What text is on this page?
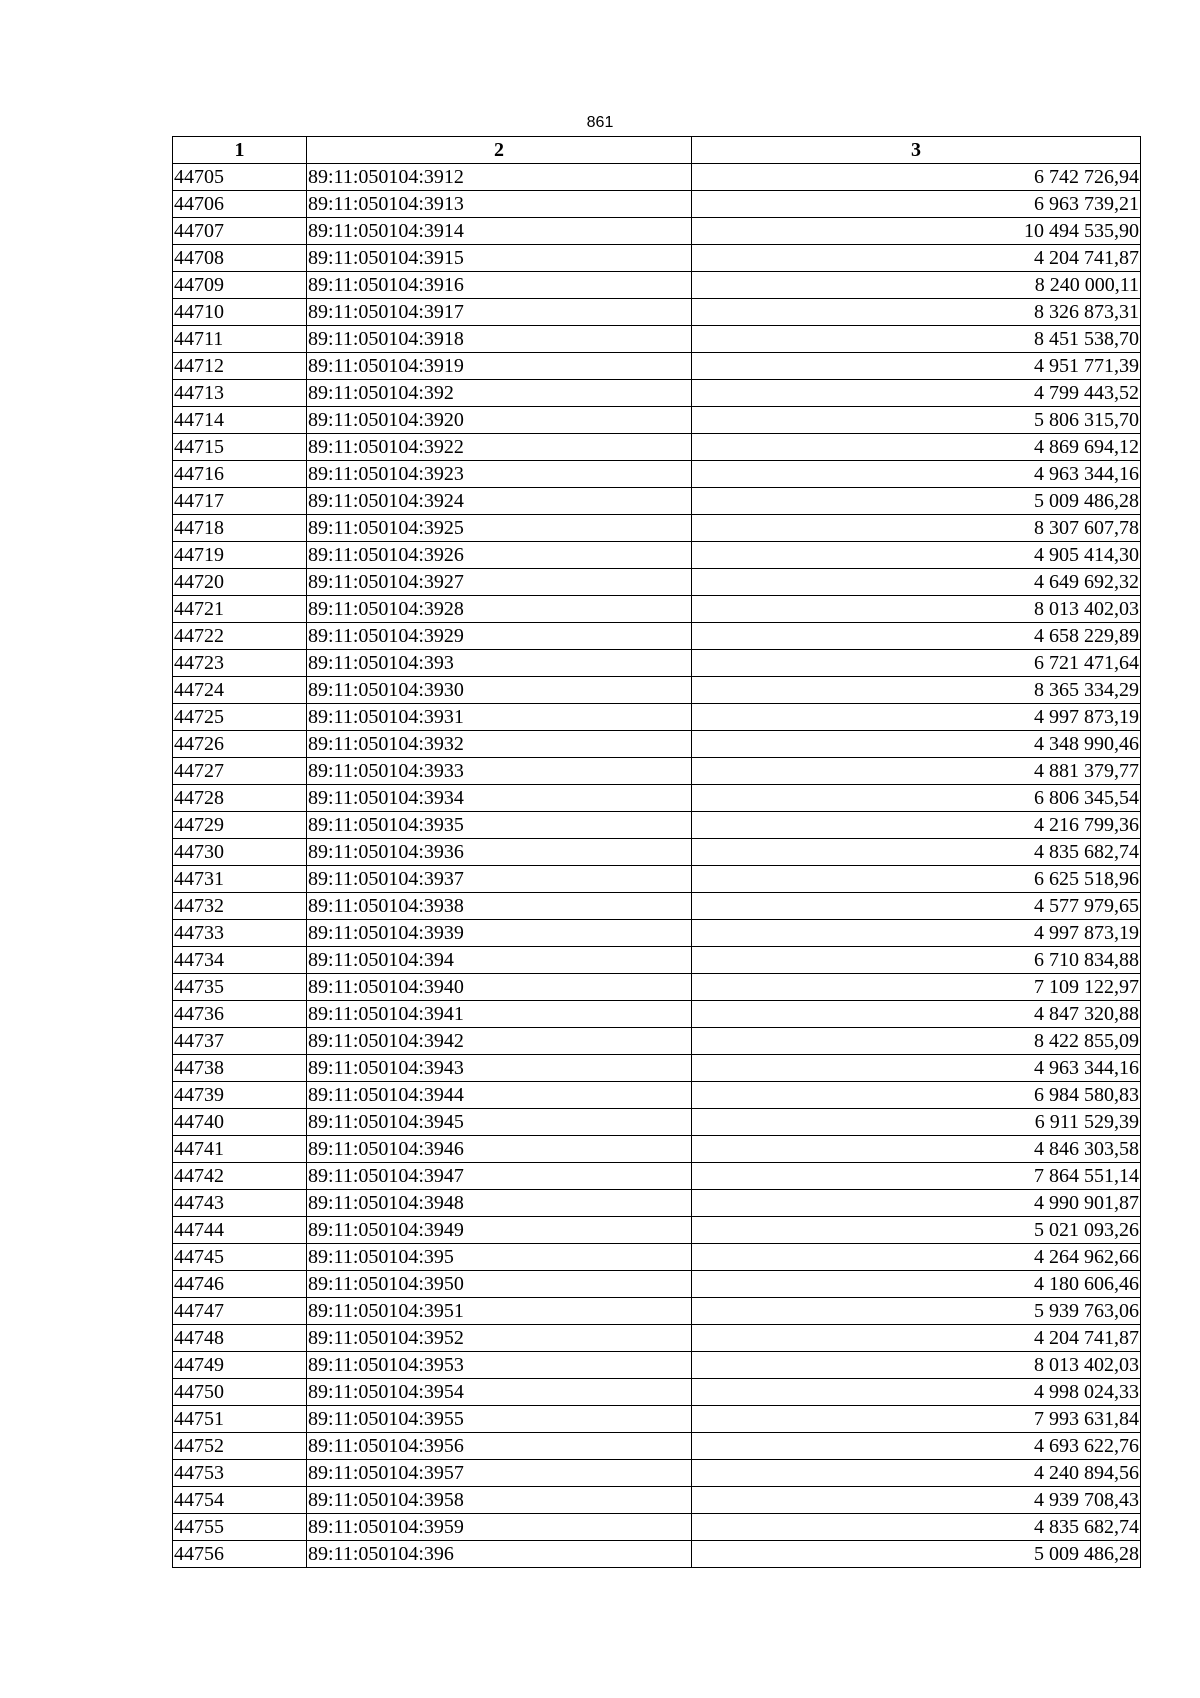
861
1	2	3
44705	89:11:050104:3912	6 742 726,94
44706	89:11:050104:3913	6 963 739,21
44707	89:11:050104:3914	10 494 535,90
44708	89:11:050104:3915	4 204 741,87
44709	89:11:050104:3916	8 240 000,11
44710	89:11:050104:3917	8 326 873,31
44711	89:11:050104:3918	8 451 538,70
44712	89:11:050104:3919	4 951 771,39
44713	89:11:050104:392	4 799 443,52
44714	89:11:050104:3920	5 806 315,70
44715	89:11:050104:3922	4 869 694,12
44716	89:11:050104:3923	4 963 344,16
44717	89:11:050104:3924	5 009 486,28
44718	89:11:050104:3925	8 307 607,78
44719	89:11:050104:3926	4 905 414,30
44720	89:11:050104:3927	4 649 692,32
44721	89:11:050104:3928	8 013 402,03
44722	89:11:050104:3929	4 658 229,89
44723	89:11:050104:393	6 721 471,64
44724	89:11:050104:3930	8 365 334,29
44725	89:11:050104:3931	4 997 873,19
44726	89:11:050104:3932	4 348 990,46
44727	89:11:050104:3933	4 881 379,77
44728	89:11:050104:3934	6 806 345,54
44729	89:11:050104:3935	4 216 799,36
44730	89:11:050104:3936	4 835 682,74
44731	89:11:050104:3937	6 625 518,96
44732	89:11:050104:3938	4 577 979,65
44733	89:11:050104:3939	4 997 873,19
44734	89:11:050104:394	6 710 834,88
44735	89:11:050104:3940	7 109 122,97
44736	89:11:050104:3941	4 847 320,88
44737	89:11:050104:3942	8 422 855,09
44738	89:11:050104:3943	4 963 344,16
44739	89:11:050104:3944	6 984 580,83
44740	89:11:050104:3945	6 911 529,39
44741	89:11:050104:3946	4 846 303,58
44742	89:11:050104:3947	7 864 551,14
44743	89:11:050104:3948	4 990 901,87
44744	89:11:050104:3949	5 021 093,26
44745	89:11:050104:395	4 264 962,66
44746	89:11:050104:3950	4 180 606,46
44747	89:11:050104:3951	5 939 763,06
44748	89:11:050104:3952	4 204 741,87
44749	89:11:050104:3953	8 013 402,03
44750	89:11:050104:3954	4 998 024,33
44751	89:11:050104:3955	7 993 631,84
44752	89:11:050104:3956	4 693 622,76
44753	89:11:050104:3957	4 240 894,56
44754	89:11:050104:3958	4 939 708,43
44755	89:11:050104:3959	4 835 682,74
44756	89:11:050104:396	5 009 486,28
